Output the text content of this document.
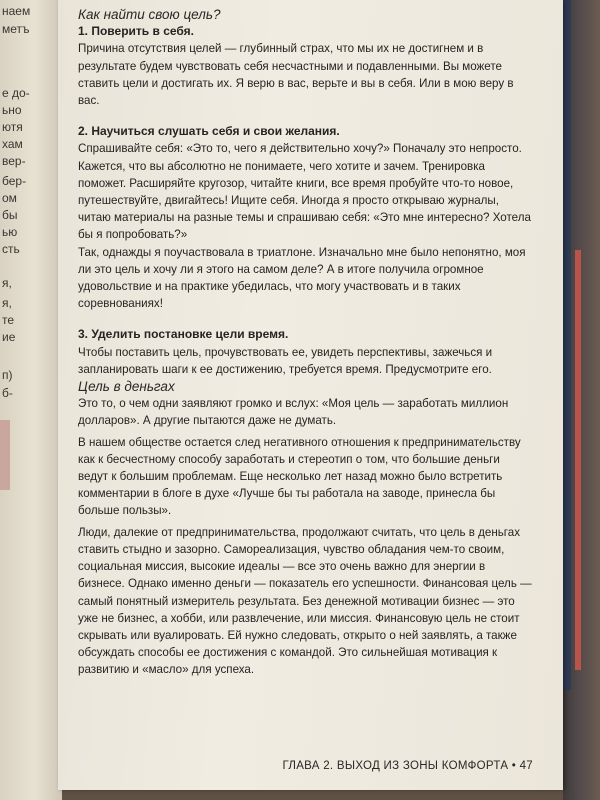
наем
метъ
е до-
ьно
ютя
хам
вер-
бер-
ом
бы
ью
сть
я,
я,
те
ие
п)
б-

Как найти свою цель?

1. Поверить в себя.

Причина отсутствия целей — глубинный страх, что мы их не достигнем и в результате будем чувствовать себя несчастными и подавленными. Вы можете ставить цели и достигать их. Я верю в вас, верьте и вы в себя. Или в мою веру в вас.

2. Научиться слушать себя и свои желания.

Спрашивайте себя: «Это то, чего я действительно хочу?» Поначалу это непросто. Кажется, что вы абсолютно не понимаете, чего хотите и зачем. Тренировка поможет. Расширяйте кругозор, читайте книги, все время пробуйте что-то новое, путешествуйте, двигайтесь! Ищите себя. Иногда я просто открываю журналы, читаю материалы на разные темы и спрашиваю себя: «Это мне интересно? Хотела бы я попробовать?»

Так, однажды я поучаствовала в триатлоне. Изначально мне было непонятно, моя ли это цель и хочу ли я этого на самом деле? А в итоге получила огромное удовольствие и на практике убедилась, что могу участвовать и в таких соревнованиях!

3. Уделить постановке цели время.

Чтобы поставить цель, прочувствовать ее, увидеть перспективы, зажечься и запланировать шаги к ее достижению, требуется время. Предусмотрите его.

Цель в деньгах

Это то, о чем одни заявляют громко и вслух: «Моя цель — заработать миллион долларов». А другие пытаются даже не думать.

В нашем обществе остается след негативного отношения к предпринимательству как к бесчестному способу заработать и стереотип о том, что большие деньги ведут к большим проблемам. Еще несколько лет назад можно было встретить комментарии в блоге в духе «Лучше бы ты работала на заводе, принесла бы больше пользы».

Люди, далекие от предпринимательства, продолжают считать, что цель в деньгах ставить стыдно и зазорно. Самореализация, чувство обладания чем-то своим, социальная миссия, высокие идеалы — все это очень важно для энергии в бизнесе. Однако именно деньги — показатель его успешности. Финансовая цель — самый понятный измеритель результата. Без денежной мотивации бизнес — это уже не бизнес, а хобби, или развлечение, или миссия. Финансовую цель не стоит скрывать или вуалировать. Ей нужно следовать, открыто о ней заявлять, а также обсуждать способы ее достижения с командой. Это сильнейшая мотивация к развитию и «масло» для успеха.

ГЛАВА 2. ВЫХОД ИЗ ЗОНЫ КОМФОРТА • 47
